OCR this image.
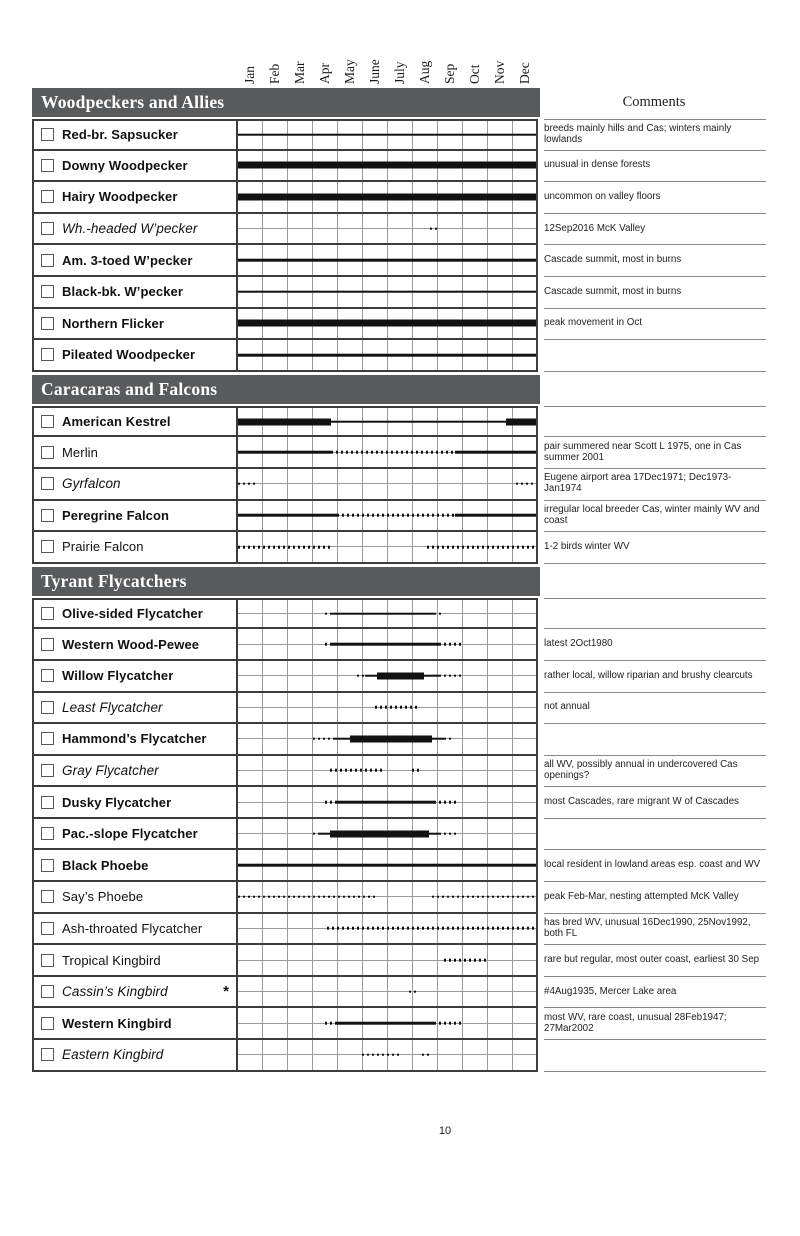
Jan Feb Mar Apr May June July Aug Sep Oct Nov Dec
Woodpeckers and Allies	Comments
Red-br. Sapsucker	breeds mainly hills and Cas; winters mainly lowlands
Downy Woodpecker	unusual in dense forests
Hairy Woodpecker	uncommon on valley floors
Wh.-headed W’pecker	12Sep2016 McK Valley
Am. 3-toed W’pecker	Cascade summit, most in burns
Black-bk. W’pecker	Cascade summit, most in burns
Northern Flicker	peak movement in Oct
Pileated Woodpecker
Caracaras and Falcons
American Kestrel
Merlin	pair summered near Scott L 1975, one in Cas summer 2001
Gyrfalcon	Eugene airport area 17Dec1971; Dec1973-Jan1974
Peregrine Falcon	irregular local breeder Cas, winter mainly WV and coast
Prairie Falcon	1-2 birds winter WV
Tyrant Flycatchers
Olive-sided Flycatcher
Western Wood-Pewee	latest 2Oct1980
Willow Flycatcher	rather local, willow riparian and brushy clearcuts
Least Flycatcher	not annual
Hammond’s Flycatcher
Gray Flycatcher	all WV, possibly annual in undercovered Cas openings?
Dusky Flycatcher	most Cascades, rare migrant W of Cascades
Pac.-slope Flycatcher
Black Phoebe	local resident in lowland areas esp. coast and WV
Say’s Phoebe	peak Feb-Mar, nesting attempted McK Valley
Ash-throated Flycatcher	has bred WV, unusual 16Dec1990, 25Nov1992, both FL
Tropical Kingbird	rare but regular, most outer coast, earliest 30 Sep
Cassin’s Kingbird	*	#4Aug1935, Mercer Lake area
Western Kingbird	most WV, rare coast, unusual 28Feb1947; 27Mar2002
Eastern Kingbird
10
